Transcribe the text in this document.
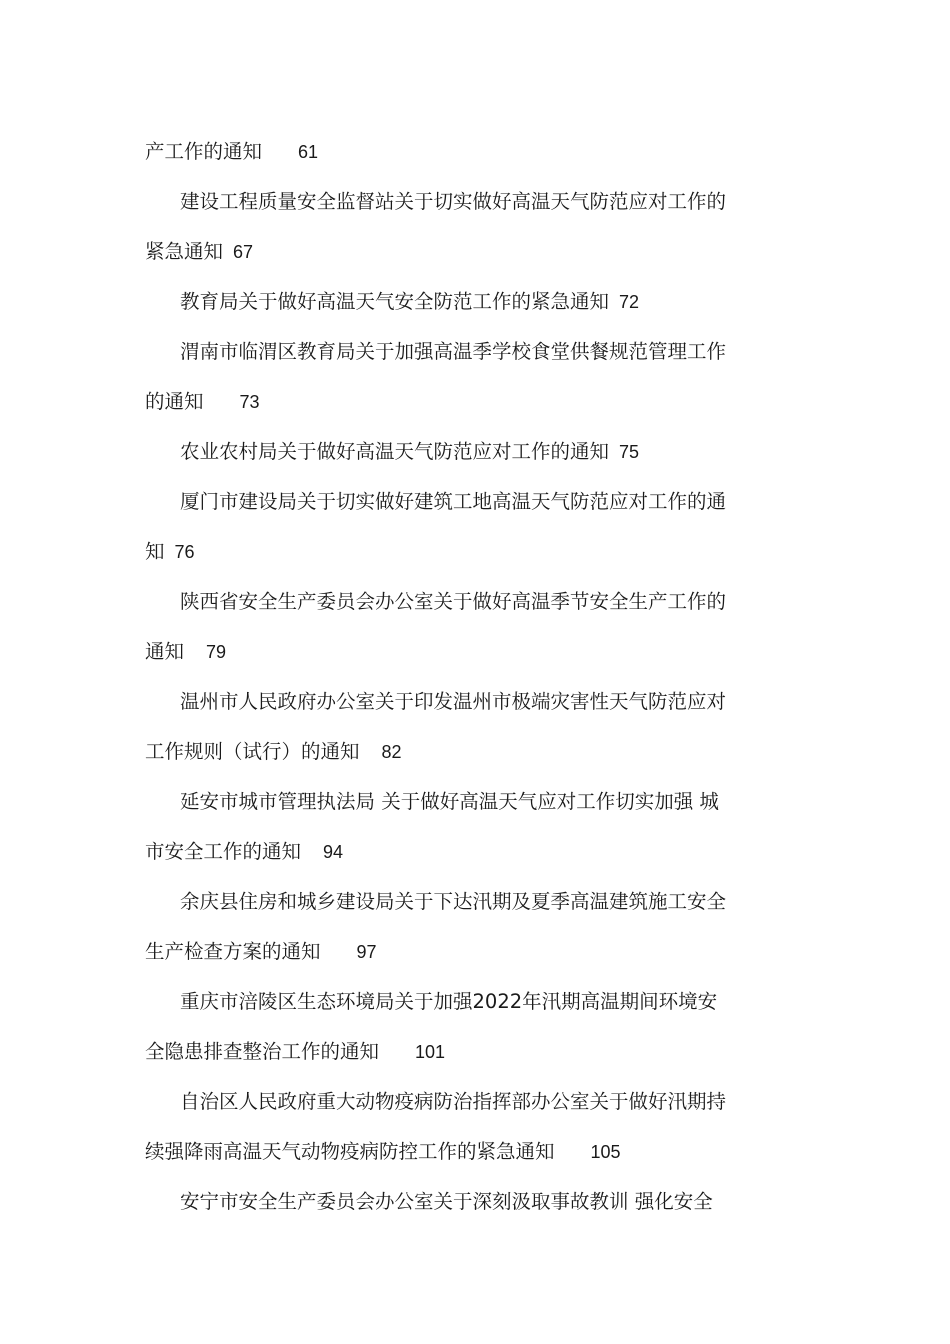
产工作的通知 61
建设工程质量安全监督站关于切实做好高温天气防范应对工作的
紧急通知 67
教育局关于做好高温天气安全防范工作的紧急通知 72
渭南市临渭区教育局关于加强高温季学校食堂供餐规范管理工作
的通知 73
农业农村局关于做好高温天气防范应对工作的通知 75
厦门市建设局关于切实做好建筑工地高温天气防范应对工作的通
知 76
陕西省安全生产委员会办公室关于做好高温季节安全生产工作的
通知 79
温州市人民政府办公室关于印发温州市极端灾害性天气防范应对
工作规则（试行）的通知 82
延安市城市管理执法局 关于做好高温天气应对工作切实加强 城
市安全工作的通知 94
余庆县住房和城乡建设局关于下达汛期及夏季高温建筑施工安全
生产检查方案的通知 97
重庆市涪陵区生态环境局关于加强2022年汛期高温期间环境安
全隐患排查整治工作的通知 101
自治区人民政府重大动物疫病防治指挥部办公室关于做好汛期持
续强降雨高温天气动物疫病防控工作的紧急通知 105
安宁市安全生产委员会办公室关于深刻汲取事故教训 强化安全
